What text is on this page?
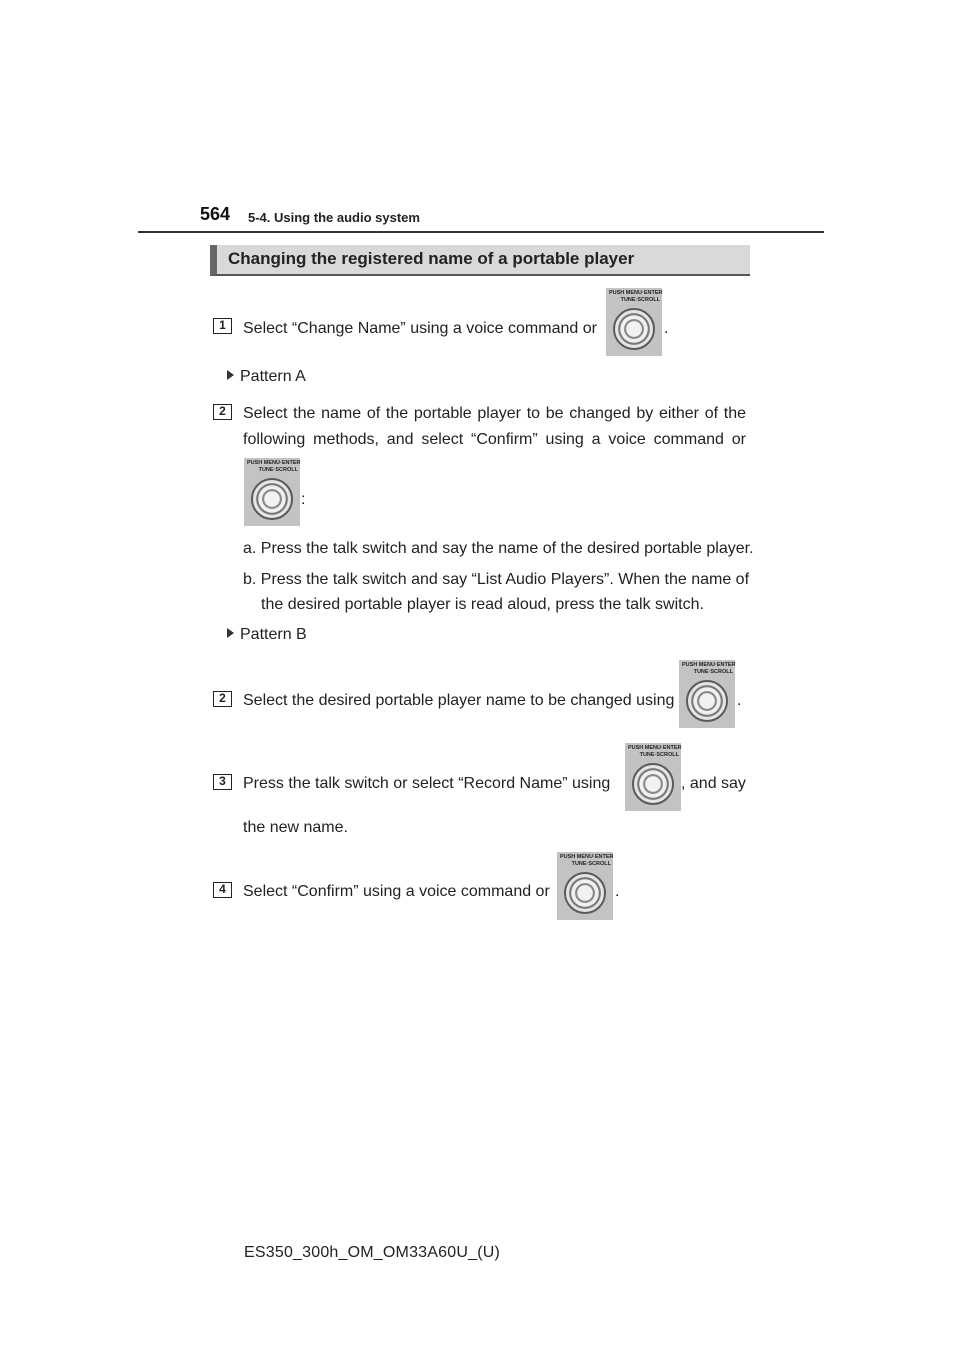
564 5-4. Using the audio system
Changing the registered name of a portable player
1	Select “Change Name” using a voice command or
PUSH MENU·ENTER
TUNE·SCROLL
.
Pattern A
2	Select the name of the portable player to be changed by either of the
following methods, and select “Confirm” using a voice command or
PUSH MENU·ENTER
TUNE·SCROLL
:
a. Press the talk switch and say the name of the desired portable player.
b. Press the talk switch and say “List Audio Players”. When the name of
the desired portable player is read aloud, press the talk switch.
Pattern B
2	Select the desired portable player name to be changed using
PUSH MENU·ENTER
TUNE·SCROLL
.
3	Press the talk switch or select “Record Name” using
PUSH MENU·ENTER
TUNE·SCROLL
, and say
the new name.
4	Select “Confirm” using a voice command or
PUSH MENU·ENTER
TUNE·SCROLL
.
ES350_300h_OM_OM33A60U_(U)
